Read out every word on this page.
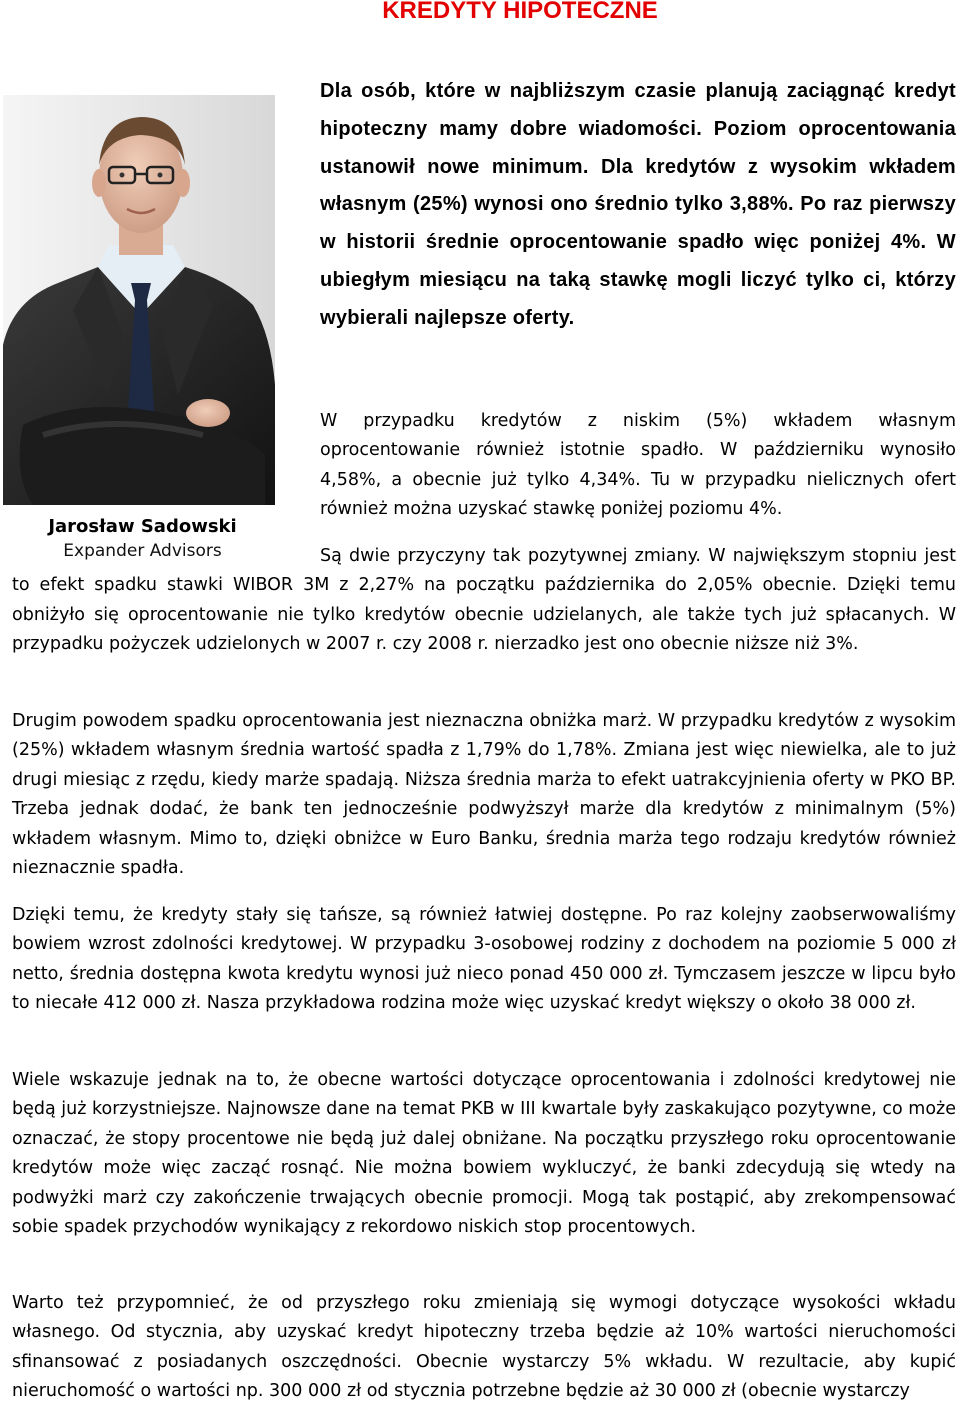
KREDYTY HIPOTECZNE
Jarosław Sadowski
Expander Advisors

Dla osób, które w najbliższym czasie planują zaciągnąć kredyt hipoteczny mamy dobre wiadomości. Poziom oprocentowania ustanowił nowe minimum. Dla kredytów z wysokim wkładem własnym (25%) wynosi ono średnio tylko 3,88%. Po raz pierwszy w historii średnie oprocentowanie spadło więc poniżej 4%. W ubiegłym miesiącu na taką stawkę mogli liczyć tylko ci, którzy wybierali najlepsze oferty.

W przypadku kredytów z niskim (5%) wkładem własnym oprocentowanie również istotnie spadło. W październiku wynosiło 4,58%, a obecnie już tylko 4,34%. Tu w przypadku nielicznych ofert również można uzyskać stawkę poniżej poziomu 4%.

Są dwie przyczyny tak pozytywnej zmiany. W największym stopniu jest to efekt spadku stawki WIBOR 3M z 2,27% na początku października do 2,05% obecnie. Dzięki temu obniżyło się oprocentowanie nie tylko kredytów obecnie udzielanych, ale także tych już spłacanych. W przypadku pożyczek udzielonych w 2007 r. czy 2008 r. nierzadko jest ono obecnie niższe niż 3%.

Drugim powodem spadku oprocentowania jest nieznaczna obniżka marż. W przypadku kredytów z wysokim (25%) wkładem własnym średnia wartość spadła z 1,79% do 1,78%. Zmiana jest więc niewielka, ale to już drugi miesiąc z rzędu, kiedy marże spadają. Niższa średnia marża to efekt uatrakcyjnienia oferty w PKO BP. Trzeba jednak dodać, że bank ten jednocześnie podwyższył marże dla kredytów z minimalnym (5%) wkładem własnym. Mimo to, dzięki obniżce w Euro Banku, średnia marża tego rodzaju kredytów również nieznacznie spadła.

Dzięki temu, że kredyty stały się tańsze, są również łatwiej dostępne. Po raz kolejny zaobserwowaliśmy bowiem wzrost zdolności kredytowej. W przypadku 3-osobowej rodziny z dochodem na poziomie 5 000 zł netto, średnia dostępna kwota kredytu wynosi już nieco ponad 450 000 zł. Tymczasem jeszcze w lipcu było to niecałe 412 000 zł. Nasza przykładowa rodzina może więc uzyskać kredyt większy o około 38 000 zł.

Wiele wskazuje jednak na to, że obecne wartości dotyczące oprocentowania i zdolności kredytowej nie będą już korzystniejsze. Najnowsze dane na temat PKB w III kwartale były zaskakująco pozytywne, co może oznaczać, że stopy procentowe nie będą już dalej obniżane. Na początku przyszłego roku oprocentowanie kredytów może więc zacząć rosnąć. Nie można bowiem wykluczyć, że banki zdecydują się wtedy na podwyżki marż czy zakończenie trwających obecnie promocji. Mogą tak postąpić, aby zrekompensować sobie spadek przychodów wynikający z rekordowo niskich stop procentowych.

Warto też przypomnieć, że od przyszłego roku zmieniają się wymogi dotyczące wysokości wkładu własnego. Od stycznia, aby uzyskać kredyt hipoteczny trzeba będzie aż 10% wartości nieruchomości sfinansować z posiadanych oszczędności. Obecnie wystarczy 5% wkładu. W rezultacie, aby kupić nieruchomość o wartości np. 300 000 zł od stycznia potrzebne będzie aż 30 000 zł (obecnie wystarczy
